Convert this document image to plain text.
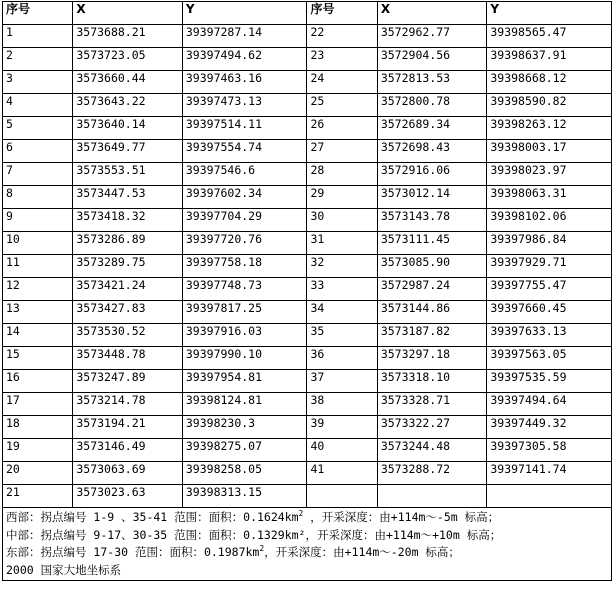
序号	X	Y	序号	X	Y
1	3573688.21	39397287.14	22	3572962.77	39398565.47
2	3573723.05	39397494.62	23	3572904.56	39398637.91
3	3573660.44	39397463.16	24	3572813.53	39398668.12
4	3573643.22	39397473.13	25	3572800.78	39398590.82
5	3573640.14	39397514.11	26	3572689.34	39398263.12
6	3573649.77	39397554.74	27	3572698.43	39398003.17
7	3573553.51	39397546.6	28	3572916.06	39398023.97
8	3573447.53	39397602.34	29	3573012.14	39398063.31
9	3573418.32	39397704.29	30	3573143.78	39398102.06
10	3573286.89	39397720.76	31	3573111.45	39397986.84
11	3573289.75	39397758.18	32	3573085.90	39397929.71
12	3573421.24	39397748.73	33	3572987.24	39397755.47
13	3573427.83	39397817.25	34	3573144.86	39397660.45
14	3573530.52	39397916.03	35	3573187.82	39397633.13
15	3573448.78	39397990.10	36	3573297.18	39397563.05
16	3573247.89	39397954.81	37	3573318.10	39397535.59
17	3573214.78	39398124.81	38	3573328.71	39397494.64
18	3573194.21	39398230.3	39	3573322.27	39397449.32
19	3573146.49	39398275.07	40	3573244.48	39397305.58
20	3573063.69	39398258.05	41	3573288.72	39397141.74
21	3573023.63	39398313.15			

西部：拐点编号 1-9 、35-41 范围：面积：$0.1624km^2$ ，开采深度：由+114m～-5m 标高；
中部：拐点编号 9-17、30-35 范围：面积：0.1329km²，开采深度：由+114m～+10m 标高；
东部：拐点编号 17-30 范围：面积：$0.1987km^2$，开采深度：由+114m～-20m 标高；
2000 国家大地坐标系					
